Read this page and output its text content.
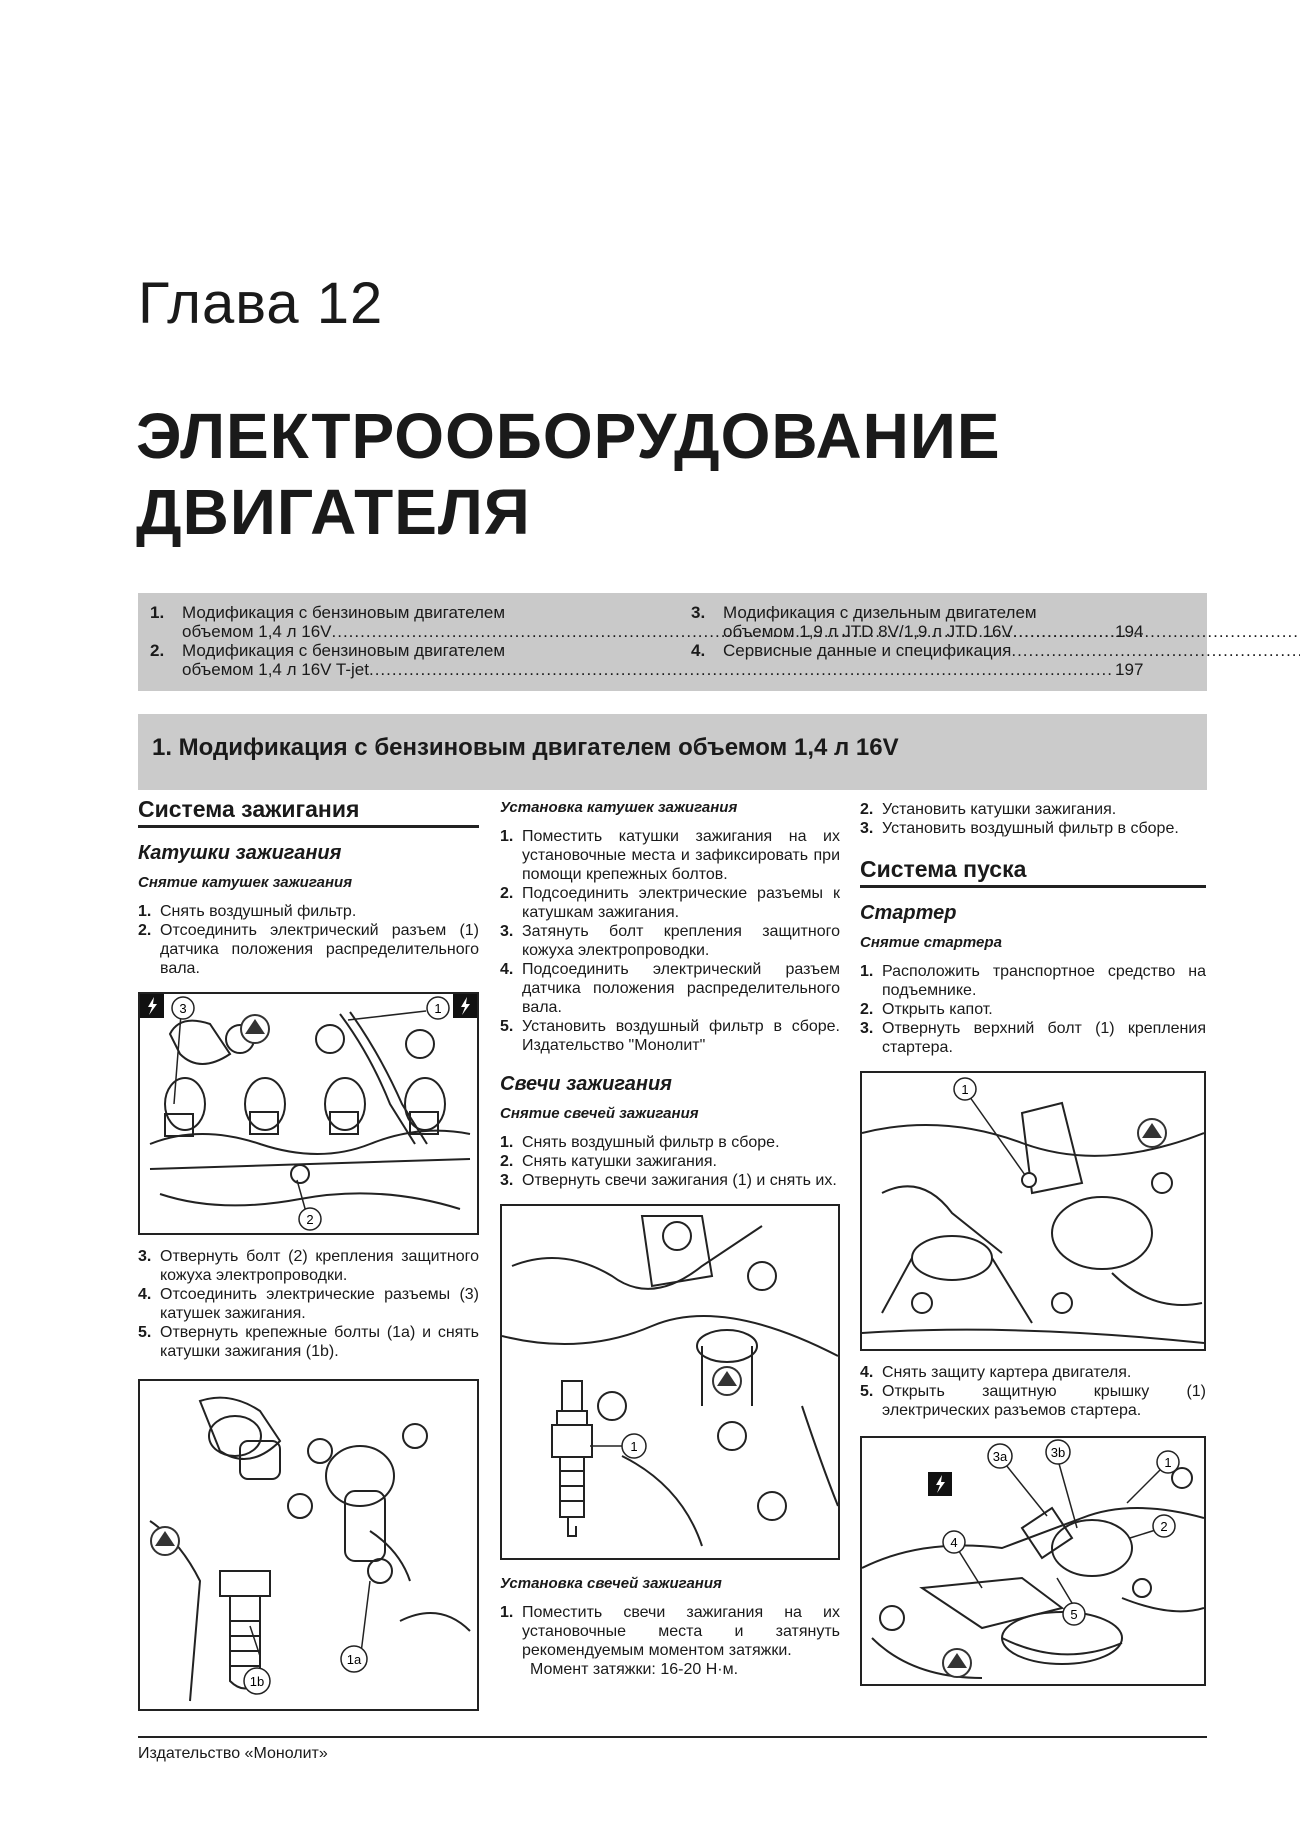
Глава 12
ЭЛЕКТРООБОРУДОВАНИЕ
ДВИГАТЕЛЯ
1.	Модификация с бензиновым двигателем
объемом 1,4 л 16V .....	194
2.	Модификация с бензиновым двигателем
объемом 1,4 л 16V T-jet .....	197
3.	Модификация с дизельным двигателем
объемом 1,9 л JTD 8V/1,9 л JTD 16V
.....
4.	Сервисные данные и спецификация
.....
1. Модификация с бензиновым двигателем объемом 1,4 л 16V
Система зажигания
Катушки зажигания
Снятие катушек зажигания
1. Снять воздушный фильтр.
2. Отсоединить электрический разъем (1) датчика положения распределительного вала.
3	1
2
3. Отвернуть болт (2) крепления защитного кожуха электропроводки.
4. Отсоединить электрические разъемы (3) катушек зажигания.
5. Отвернуть крепежные болты (1a) и снять катушки зажигания (1b).
1b
1a
Установка катушек зажигания
1. Поместить катушки зажигания на их установочные места и зафиксировать при помощи крепежных болтов.
2. Подсоединить электрические разъемы к катушкам зажигания.
3. Затянуть болт крепления защитного кожуха электропроводки.
4. Подсоединить электрический разъем датчика положения распределительного вала.
5. Установить воздушный фильтр в сборе. Издательство "Монолит"
Свечи зажигания
Снятие свечей зажигания
1. Снять воздушный фильтр в сборе.
2. Снять катушки зажигания.
3. Отвернуть свечи зажигания (1) и снять их.
1
Установка свечей зажигания
1. Поместить свечи зажигания на их установочные места и затянуть рекомендуемым моментом затяжки.
Момент затяжки: 16-20 Н·м.
2. Установить катушки зажигания.
3. Установить воздушный фильтр в сборе.
Система пуска
Стартер
Снятие стартера
1. Расположить транспортное средство на подъемнике.
2. Открыть капот.
3. Отвернуть верхний болт (1) крепления стартера.
1
4. Снять защиту картера двигателя.
5. Открыть защитную крышку (1) электрических разъемов стартера.
3a	3b
1
2
4
5
Издательство «Монолит»
